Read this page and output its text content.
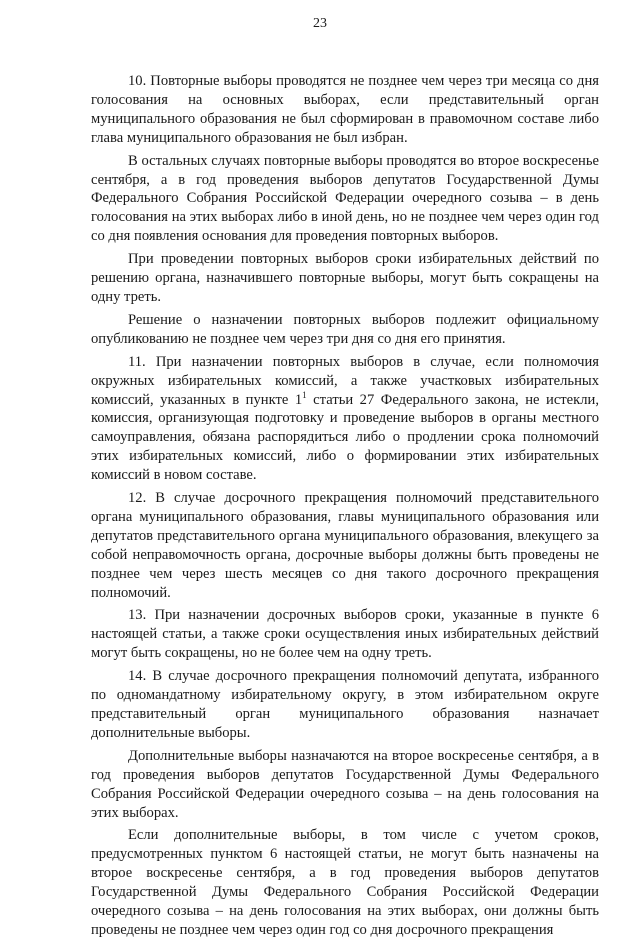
23

10. Повторные выборы проводятся не позднее чем через три месяца со дня голосования на основных выборах, если представительный орган муниципального образования не был сформирован в правомочном составе либо глава муниципального образования не был избран.

В остальных случаях повторные выборы проводятся во второе воскресенье сентября, а в год проведения выборов депутатов Государственной Думы Федерального Собрания Российской Федерации очередного созыва – в день голосования на этих выборах либо в иной день, но не позднее чем через один год со дня появления основания для проведения повторных выборов.

При проведении повторных выборов сроки избирательных действий по решению органа, назначившего повторные выборы, могут быть сокращены на одну треть.

Решение о назначении повторных выборов подлежит официальному опубликованию не позднее чем через три дня со дня его принятия.

11. При назначении повторных выборов в случае, если полномочия окружных избирательных комиссий, а также участковых избирательных комиссий, указанных в пункте $1^1$ статьи 27 Федерального закона, не истекли, комиссия, организующая подготовку и проведение выборов в органы местного самоуправления, обязана распорядиться либо о продлении срока полномочий этих избирательных комиссий, либо о формировании этих избирательных комиссий в новом составе.

12. В случае досрочного прекращения полномочий представительного органа муниципального образования, главы муниципального образования или депутатов представительного органа муниципального образования, влекущего за собой неправомочность органа, досрочные выборы должны быть проведены не позднее чем через шесть месяцев со дня такого досрочного прекращения полномочий.

13. При назначении досрочных выборов сроки, указанные в пункте 6 настоящей статьи, а также сроки осуществления иных избирательных действий могут быть сокращены, но не более чем на одну треть.

14. В случае досрочного прекращения полномочий депутата, избранного по одномандатному избирательному округу, в этом избирательном округе представительный орган муниципального образования назначает дополнительные выборы.

Дополнительные выборы назначаются на второе воскресенье сентября, а в год проведения выборов депутатов Государственной Думы Федерального Собрания Российской Федерации очередного созыва – на день голосования на этих выборах.

Если дополнительные выборы, в том числе с учетом сроков, предусмотренных пунктом 6 настоящей статьи, не могут быть назначены на второе воскресенье сентября, а в год проведения выборов депутатов Государственной Думы Федерального Собрания Российской Федерации очередного созыва – на день голосования на этих выборах, они должны быть проведены не позднее чем через один год со дня досрочного прекращения
